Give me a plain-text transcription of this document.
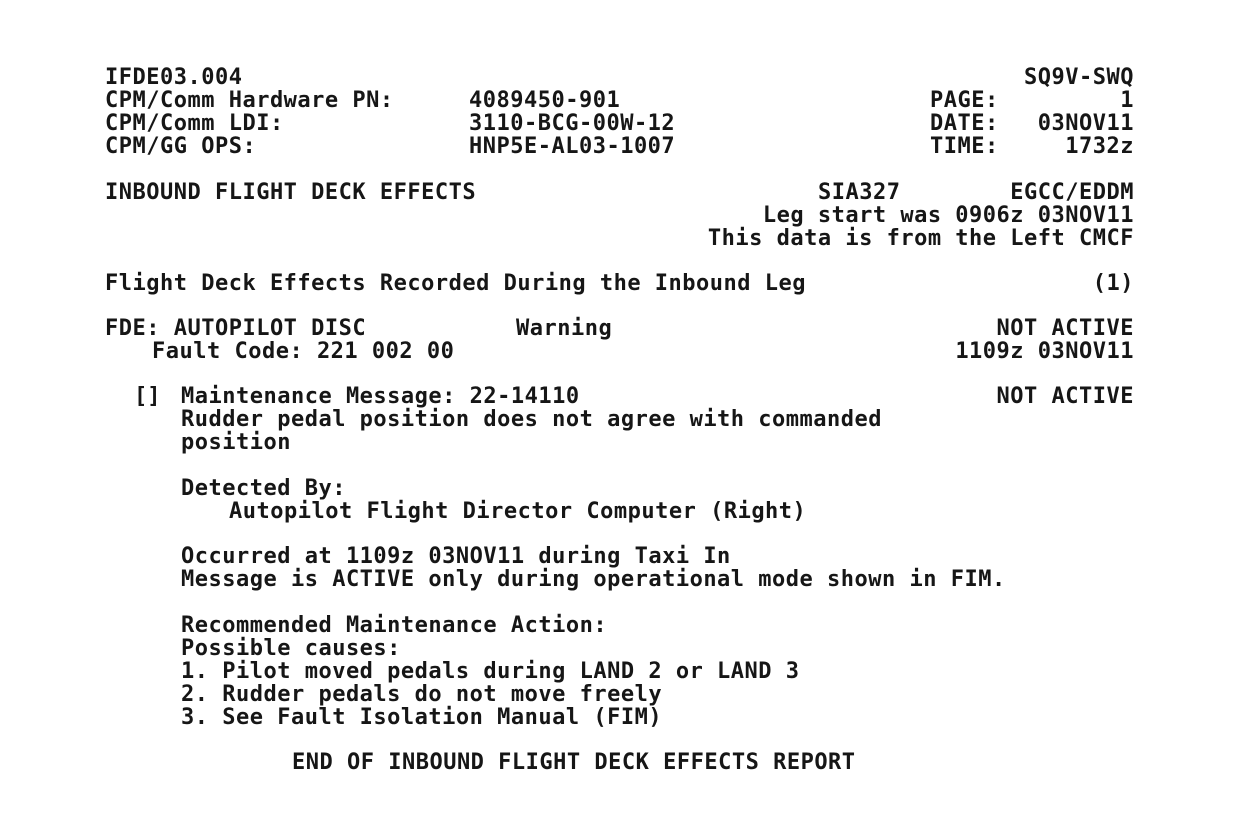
IFDE03.004	SQ9V-SWQ
CPM/Comm Hardware PN:	4089450-901	PAGE:	1
CPM/Comm LDI:	3110-BCG-00W-12	DATE: 03NOV11
CPM/GG OPS:	HNP5E-AL03-1007	TIME:	1732z
INBOUND FLIGHT DECK EFFECTS	SIA327	EGCC/EDDM
Leg start was 0906z 03NOV11
This data is from the Left CMCF
Flight Deck Effects Recorded During the Inbound Leg	(1)
FDE: AUTOPILOT DISC	Warning	NOT ACTIVE
Fault Code: 221 002 00	1109z 03NOV11
[] Maintenance Message: 22-14110	NOT ACTIVE
Rudder pedal position does not agree with commanded
position
Detected By:
Autopilot Flight Director Computer (Right)
Occurred at 1109z 03NOV11 during Taxi In
Message is ACTIVE only during operational mode shown in FIM.
Recommended Maintenance Action:
Possible causes:
1. Pilot moved pedals during LAND 2 or LAND 3
2. Rudder pedals do not move freely
3. See Fault Isolation Manual (FIM)
END OF INBOUND FLIGHT DECK EFFECTS REPORT
